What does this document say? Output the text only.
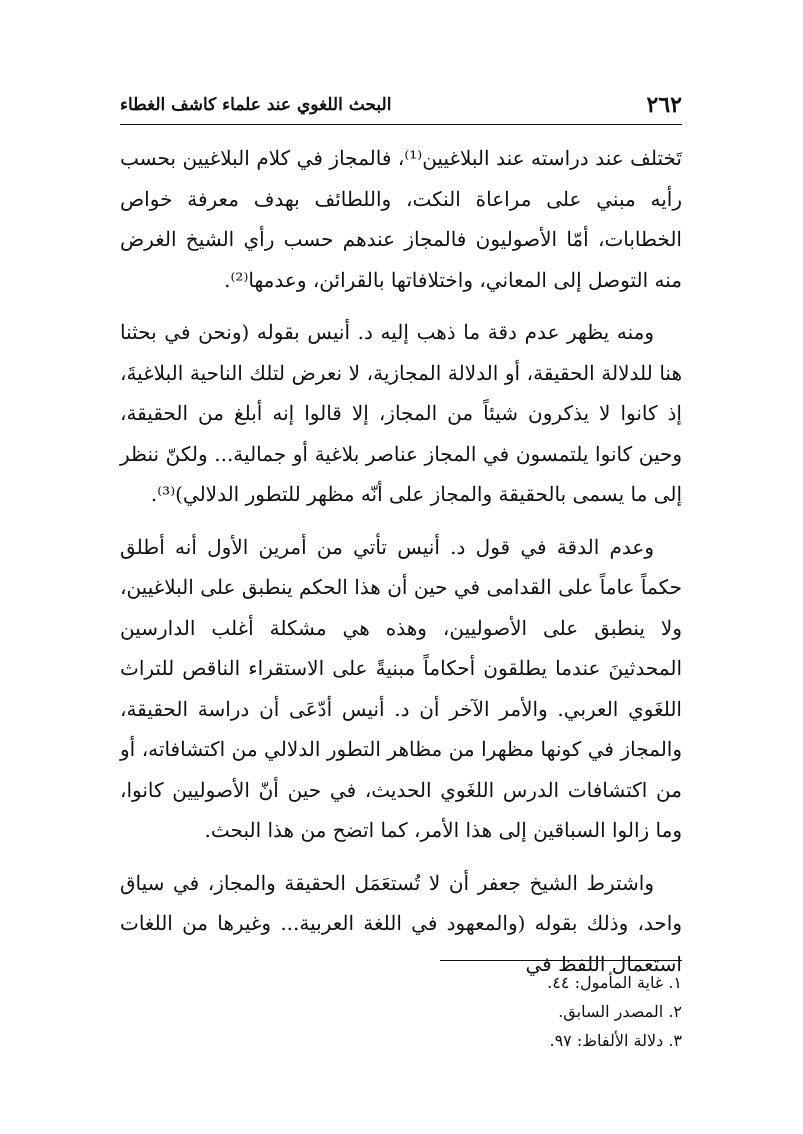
٢٦٢
البحث اللغوي عند علماء كاشف الغطاء

تَختلف عند دراسته عند البلاغيين⁽¹⁾، فالمجاز في كلام البلاغيين بحسب رأيه مبني على مراعاة النكت، واللطائف بهدف معرفة خواص الخطابات، أمّا الأصوليون فالمجاز عندهم حسب رأي الشيخ الغرض منه التوصل إلى المعاني، واختلافاتها بالقرائن، وعدمها⁽²⁾.

ومنه يظهر عدم دقة ما ذهب إليه د. أنيس بقوله (ونحن في بحثنا هنا للدلالة الحقيقة، أو الدلالة المجازية، لا نعرض لتلك الناحية البلاغيةَ، إذ كانوا لا يذكرون شيئاً من المجاز، إلا قالوا إنه أبلغ من الحقيقة، وحين كانوا يلتمسون في المجاز عناصر بلاغية أو جمالية... ولكنّ ننظر إلى ما يسمى بالحقيقة والمجاز على أنّه مظهر للتطور الدلالي)⁽³⁾.

وعدم الدقة في قول د. أنيس تأتي من أمرين الأول أنه أطلق حكماً عاماً على القدامى في حين أن هذا الحكم ينطبق على البلاغيين، ولا ينطبق على الأصوليين، وهذه هي مشكلة أغلب الدارسين المحدثينَ عندما يطلقون أحكاماً مبنيةً على الاستقراء الناقص للتراث اللغَوي العربي. والأمر الآخر أن د. أنيس أدّعَى أن دراسة الحقيقة، والمجاز في كونها مظهرا من مظاهر التطور الدلالي من اكتشافاته، أو من اكتشافات الدرس اللغَوي الحديث، في حين أنّ الأصوليين كانوا، وما زالوا السباقين إلى هذا الأمر، كما اتضح من هذا البحث.

واشترط الشيخ جعفر أن لا تُستعَمَل الحقيقة والمجاز، في سياق واحد، وذلك بقوله (والمعهود في اللغة العربية... وغيرها من اللغات استعمال اللفظ في

١. غاية المأمول: ٤٤.

٢. المصدر السابق.

٣. دلالة الألفاظ: ٩٧.
